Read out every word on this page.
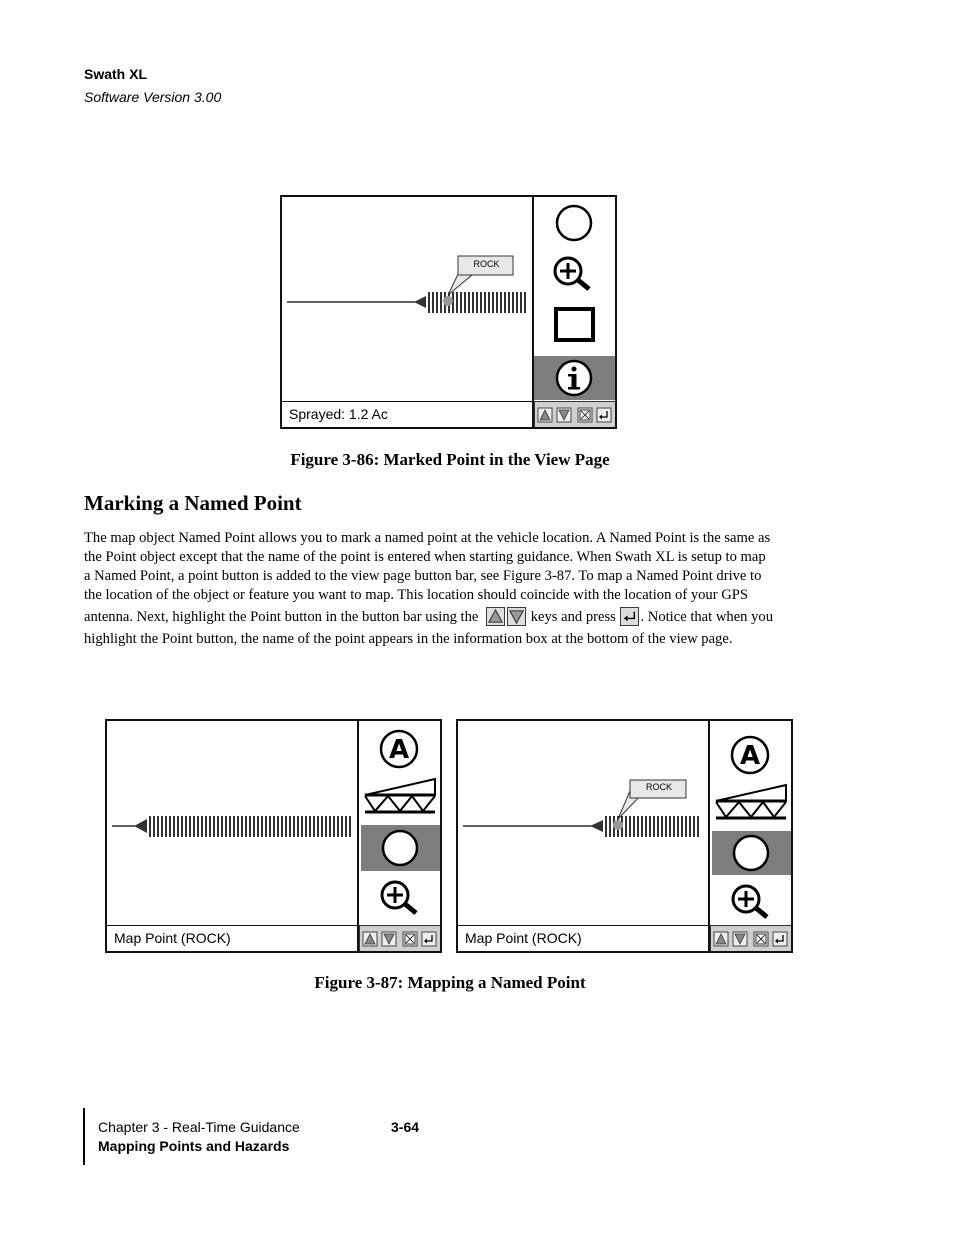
Swath XL
Software Version 3.00
ROCK
Sprayed: 1.2 Ac
Figure 3-86: Marked Point in the View Page
Marking a Named Point
The map object Named Point allows you to mark a named point at the vehicle location. A Named Point is the same as
the Point object except that the name of the point is entered when starting guidance. When Swath XL is setup to map
a Named Point, a point button is added to the view page button bar, see Figure 3-87. To map a Named Point drive to
the location of the object or feature you want to map. This location should coincide with the location of your GPS
antenna. Next, highlight the Point button in the button bar using the	keys and press . Notice that when you
highlight the Point button, the name of the point appears in the information box at the bottom of the view page.
Map Point (ROCK)
A
ROCK
Map Point (ROCK)
A
Figure 3-87: Mapping a Named Point
Chapter 3 - Real-Time Guidance
Mapping Points and Hazards
3-64
